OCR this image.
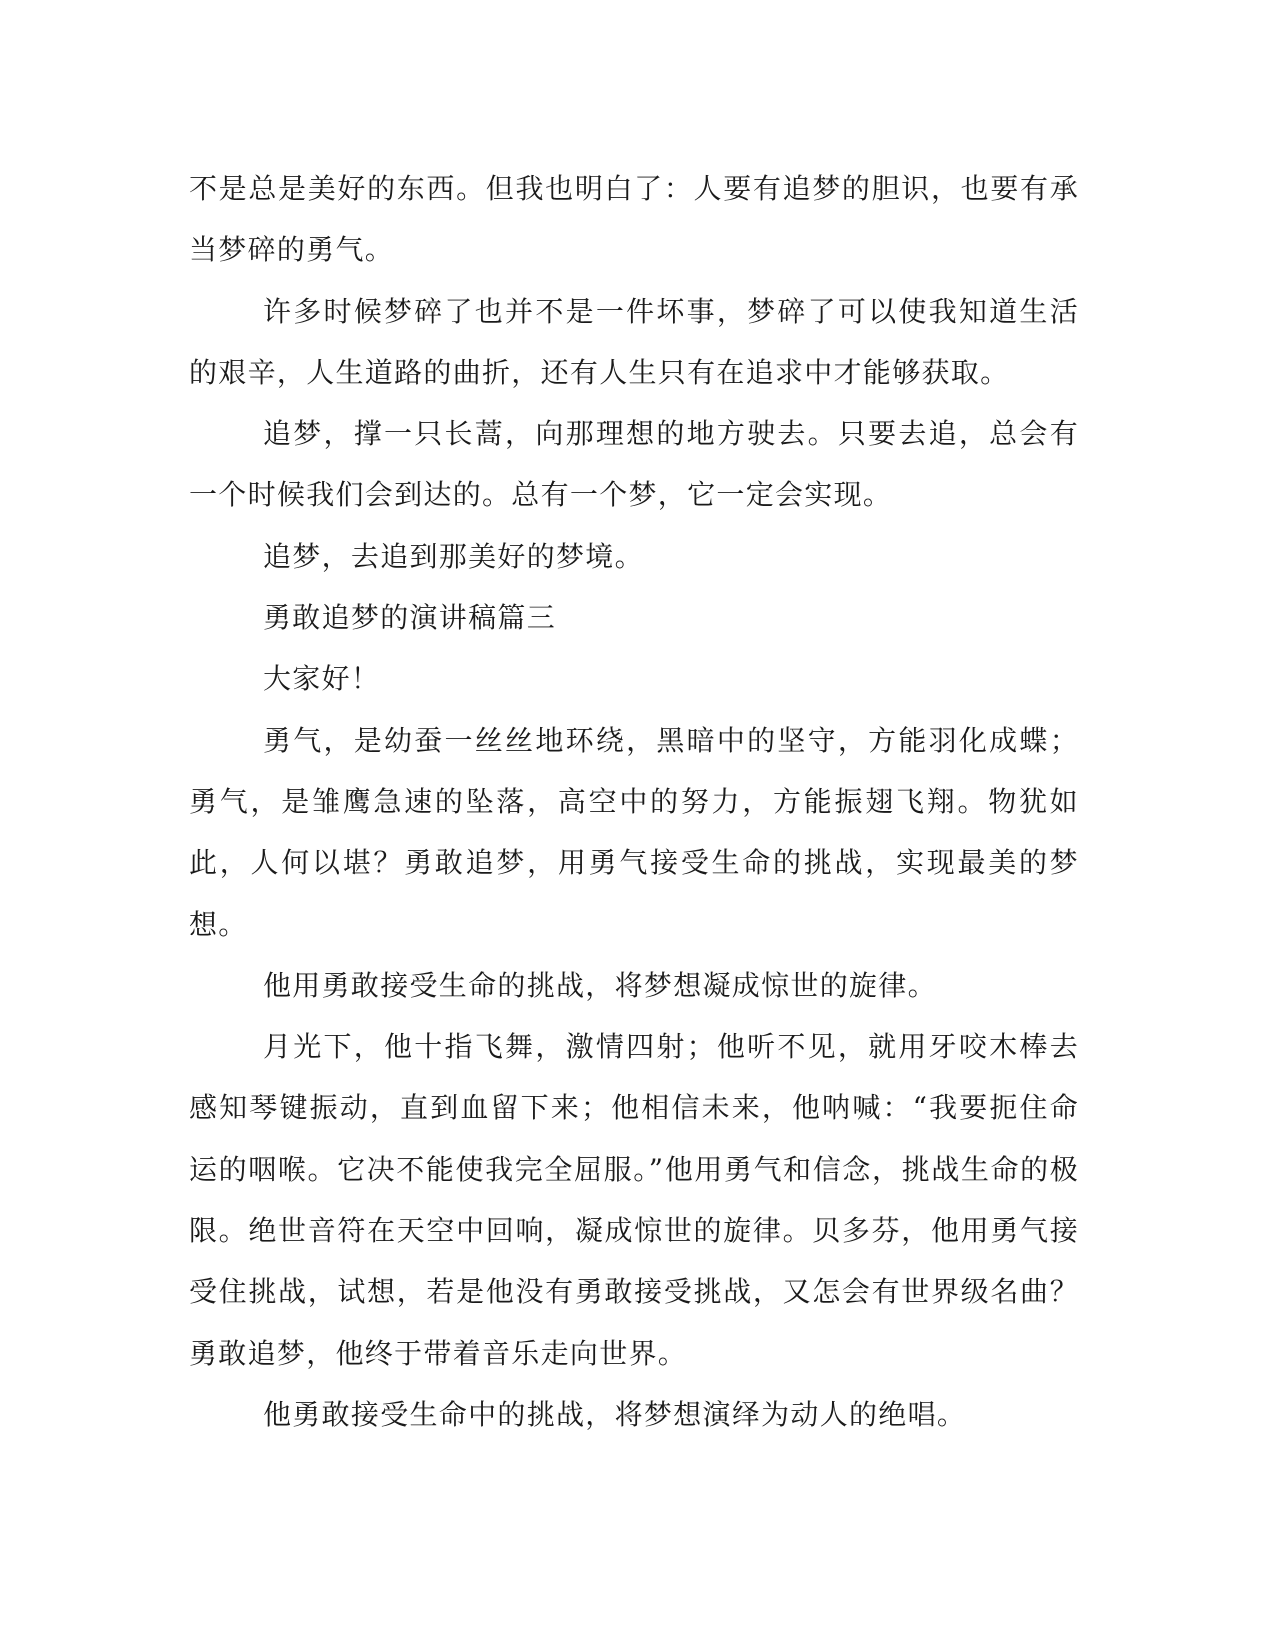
不是总是美好的东西。但我也明白了：人要有追梦的胆识，也要有承当梦碎的勇气。

许多时候梦碎了也并不是一件坏事，梦碎了可以使我知道生活的艰辛，人生道路的曲折，还有人生只有在追求中才能够获取。

追梦，撑一只长蒿，向那理想的地方驶去。只要去追，总会有一个时候我们会到达的。总有一个梦，它一定会实现。

追梦，去追到那美好的梦境。

勇敢追梦的演讲稿篇三

大家好！

勇气，是幼蚕一丝丝地环绕，黑暗中的坚守，方能羽化成蝶；勇气，是雏鹰急速的坠落，高空中的努力，方能振翅飞翔。物犹如此，人何以堪？勇敢追梦，用勇气接受生命的挑战，实现最美的梦想。

他用勇敢接受生命的挑战，将梦想凝成惊世的旋律。

月光下，他十指飞舞，激情四射；他听不见，就用牙咬木棒去感知琴键振动，直到血留下来；他相信未来，他呐喊：“我要扼住命运的咽喉。它决不能使我完全屈服。”他用勇气和信念，挑战生命的极限。绝世音符在天空中回响，凝成惊世的旋律。贝多芬，他用勇气接受住挑战，试想，若是他没有勇敢接受挑战，又怎会有世界级名曲？勇敢追梦，他终于带着音乐走向世界。

他勇敢接受生命中的挑战，将梦想演绎为动人的绝唱。
